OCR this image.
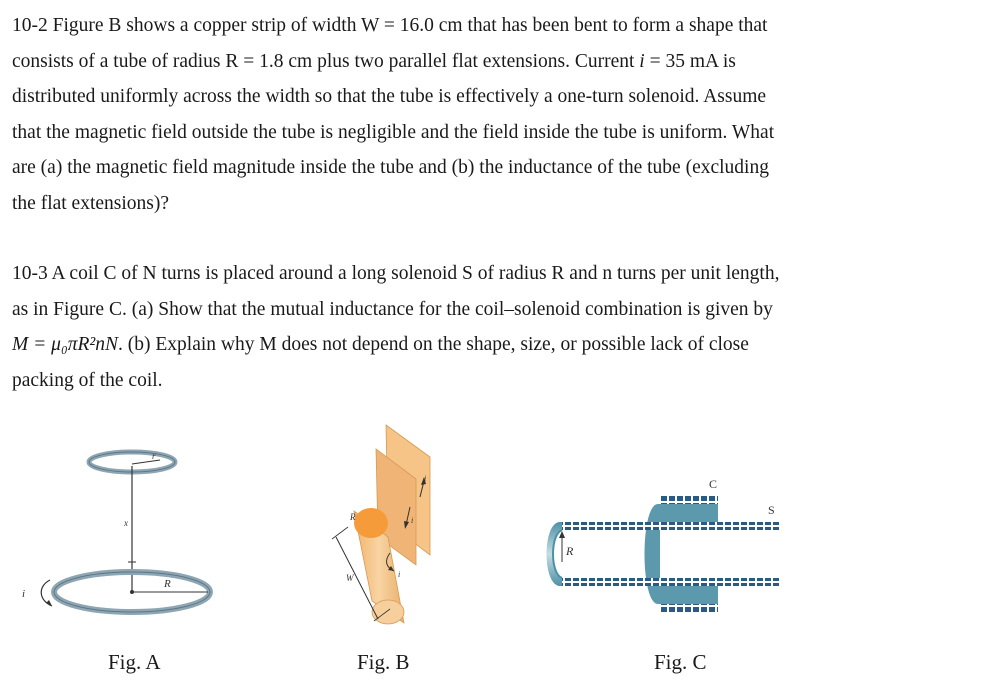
10-2 Figure B shows a copper strip of width W = 16.0 cm that has been bent to form a shape that
consists of a tube of radius R = 1.8 cm plus two parallel flat extensions. Current i = 35 mA is
distributed uniformly across the width so that the tube is effectively a one-turn solenoid. Assume
that the magnetic field outside the tube is negligible and the field inside the tube is uniform. What
are (a) the magnetic field magnitude inside the tube and (b) the inductance of the tube (excluding
the flat extensions)?
10-3 A coil C of N turns is placed around a long solenoid S of radius R and n turns per unit length,
as in Figure C. (a) Show that the mutual inductance for the coil–solenoid combination is given by
M = μ₀πR²nN. (b) Explain why M does not depend on the shape, size, or possible lack of close
packing of the coil.
r
x
R
i
i
i
i
R
W
R
C
S
Fig. A	Fig. B	Fig. C
